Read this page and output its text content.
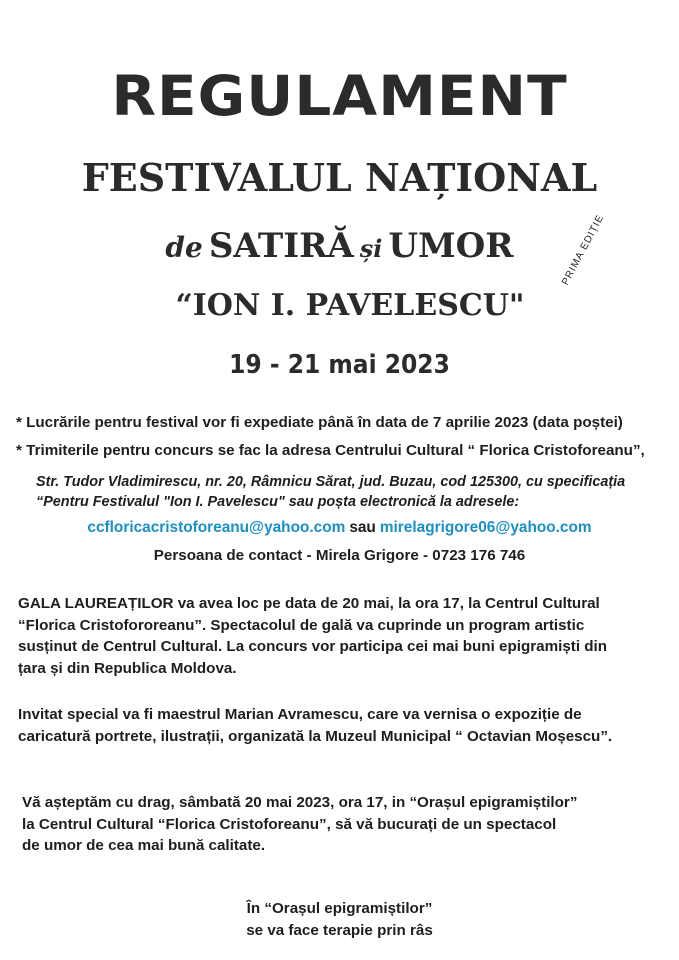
REGULAMENT
FESTIVALUL NAȚIONAL
de SATIRĂ și UMOR
“ION I. PAVELESCU"
PRIMA EDIȚIE
19 - 21 mai 2023
* Lucrările pentru festival vor fi expediate până în data de 7 aprilie 2023 (data poștei)
* Trimiterile pentru concurs se fac la adresa Centrului Cultural “ Florica Cristoforeanu”,
Str. Tudor Vladimirescu, nr. 20, Râmnicu Sărat, jud. Buzau, cod 125300, cu specificația
“Pentru Festivalul "Ion I. Pavelescu" sau poșta electronică la adresele:
ccfloricacristoforeanu@yahoo.com sau mirelagrigore06@yahoo.com
Persoana de contact - Mirela Grigore - 0723 176 746
GALA LAUREAȚILOR va avea loc pe data de 20 mai, la ora 17, la Centrul Cultural
“Florica Cristofororeanu”. Spectacolul de gală va cuprinde un program artistic
susținut de Centrul Cultural. La concurs vor participa cei mai buni epigramiști din
țara și din Republica Moldova.
Invitat special va fi maestrul Marian Avramescu, care va vernisa o expoziție de
caricatură portrete, ilustrații, organizată la Muzeul Municipal “ Octavian Moșescu”.
Vă așteptăm cu drag, sâmbată 20 mai 2023, ora 17, in “Orașul epigramiștilor”
la Centrul Cultural “Florica Cristoforeanu”, să vă bucurați de un spectacol
de umor de cea mai bună calitate.
În “Orașul epigramiștilor”
se va face terapie prin râs
